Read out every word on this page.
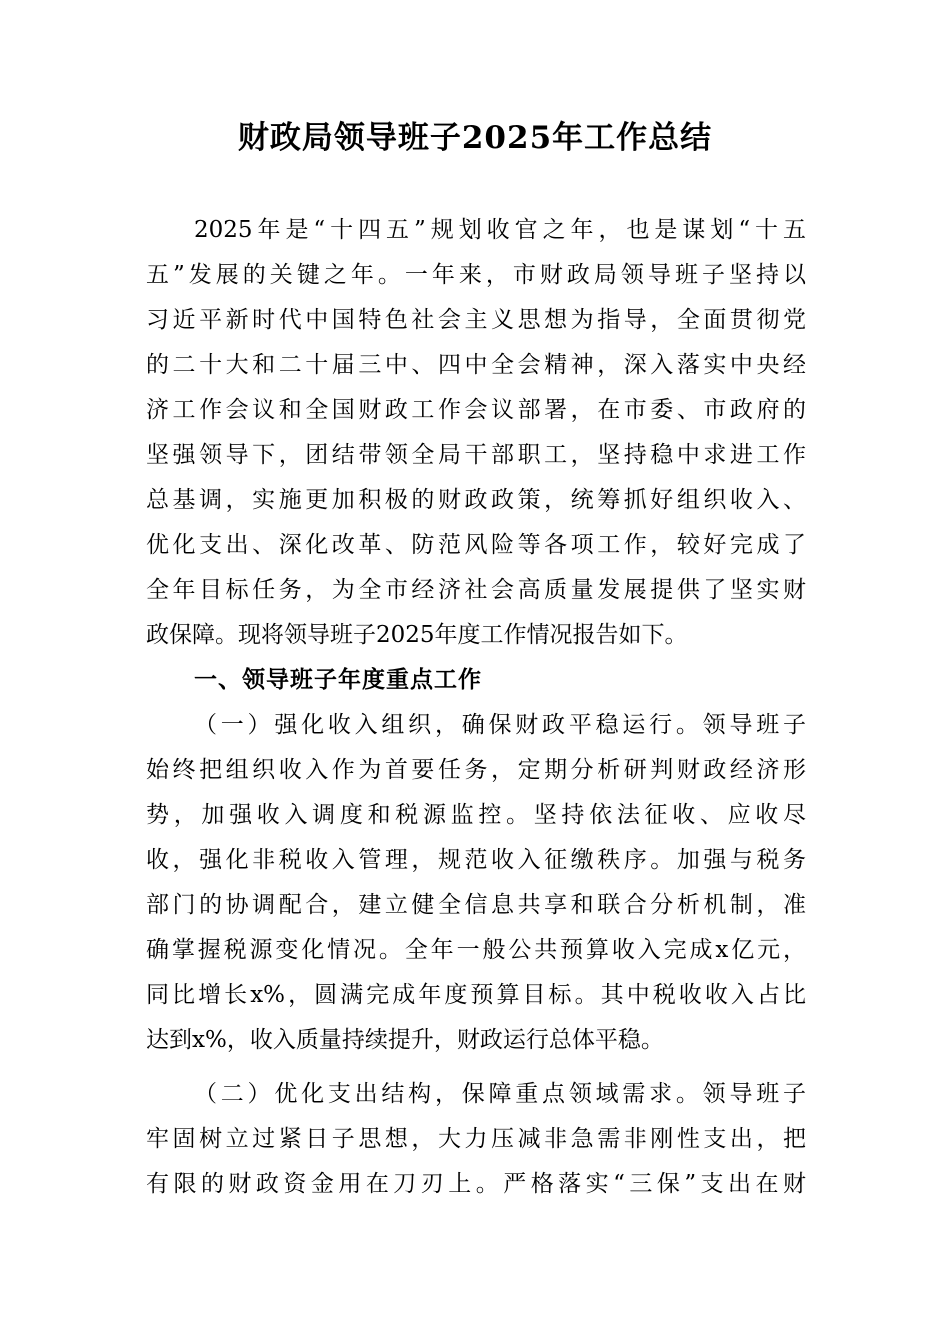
财政局领导班子2025年工作总结
2025年是“十四五”规划收官之年，也是谋划“十五
五”发展的关键之年。一年来，市财政局领导班子坚持以
习近平新时代中国特色社会主义思想为指导，全面贯彻党
的二十大和二十届三中、四中全会精神，深入落实中央经
济工作会议和全国财政工作会议部署，在市委、市政府的
坚强领导下，团结带领全局干部职工，坚持稳中求进工作
总基调，实施更加积极的财政政策，统筹抓好组织收入、
优化支出、深化改革、防范风险等各项工作，较好完成了
全年目标任务，为全市经济社会高质量发展提供了坚实财
政保障。现将领导班子2025年度工作情况报告如下。
一、领导班子年度重点工作
（一）强化收入组织，确保财政平稳运行。领导班子
始终把组织收入作为首要任务，定期分析研判财政经济形
势，加强收入调度和税源监控。坚持依法征收、应收尽
收，强化非税收入管理，规范收入征缴秩序。加强与税务
部门的协调配合，建立健全信息共享和联合分析机制，准
确掌握税源变化情况。全年一般公共预算收入完成x亿元，
同比增长x%，圆满完成年度预算目标。其中税收收入占比
达到x%，收入质量持续提升，财政运行总体平稳。
（二）优化支出结构，保障重点领域需求。领导班子
牢固树立过紧日子思想，大力压减非急需非刚性支出，把
有限的财政资金用在刀刃上。严格落实“三保”支出在财
